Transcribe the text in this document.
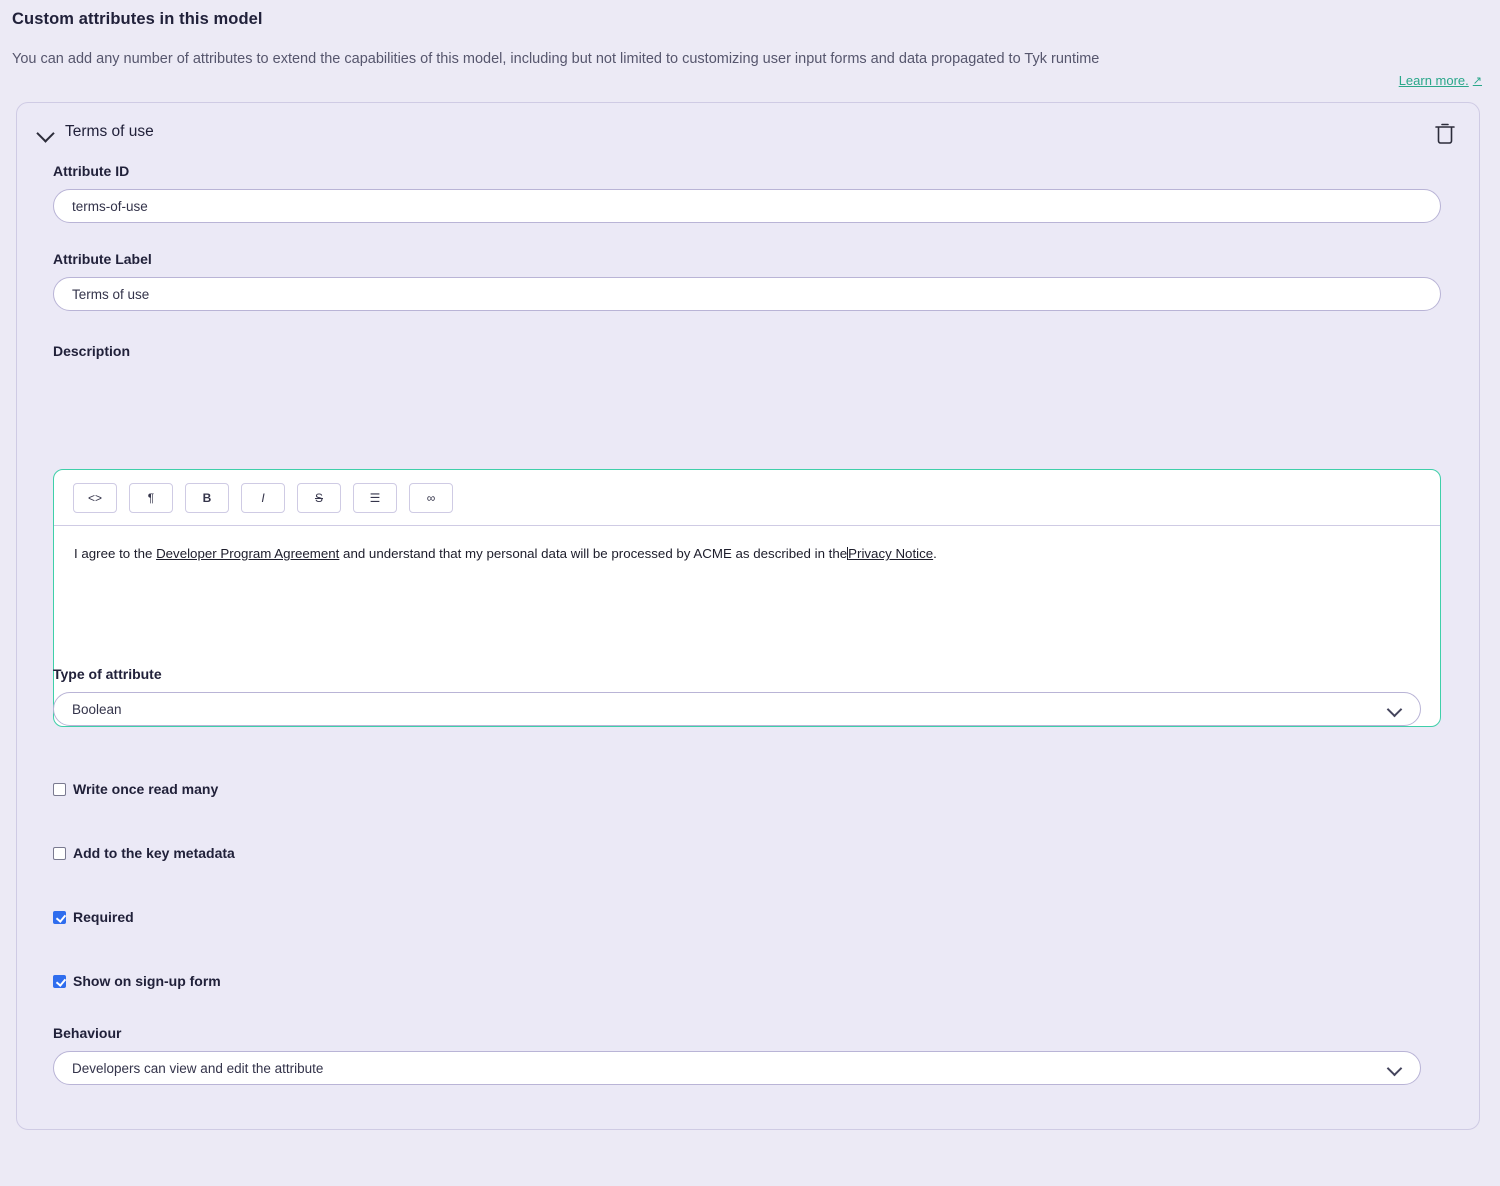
Custom attributes in this model
You can add any number of attributes to extend the capabilities of this model, including but not limited to customizing user input forms and data propagated to Tyk runtime
Learn more. ↗
Terms of use
Attribute ID
terms-of-use
Attribute Label
Terms of use
Description
<>	¶	B	I	S	☰	∞
I agree to the Developer Program Agreement and understand that my personal data will be processed by ACME as described in thePrivacy Notice.
Type of attribute
Boolean
Write once read many
Add to the key metadata
Required
Show on sign-up form
Behaviour
Developers can view and edit the attribute
